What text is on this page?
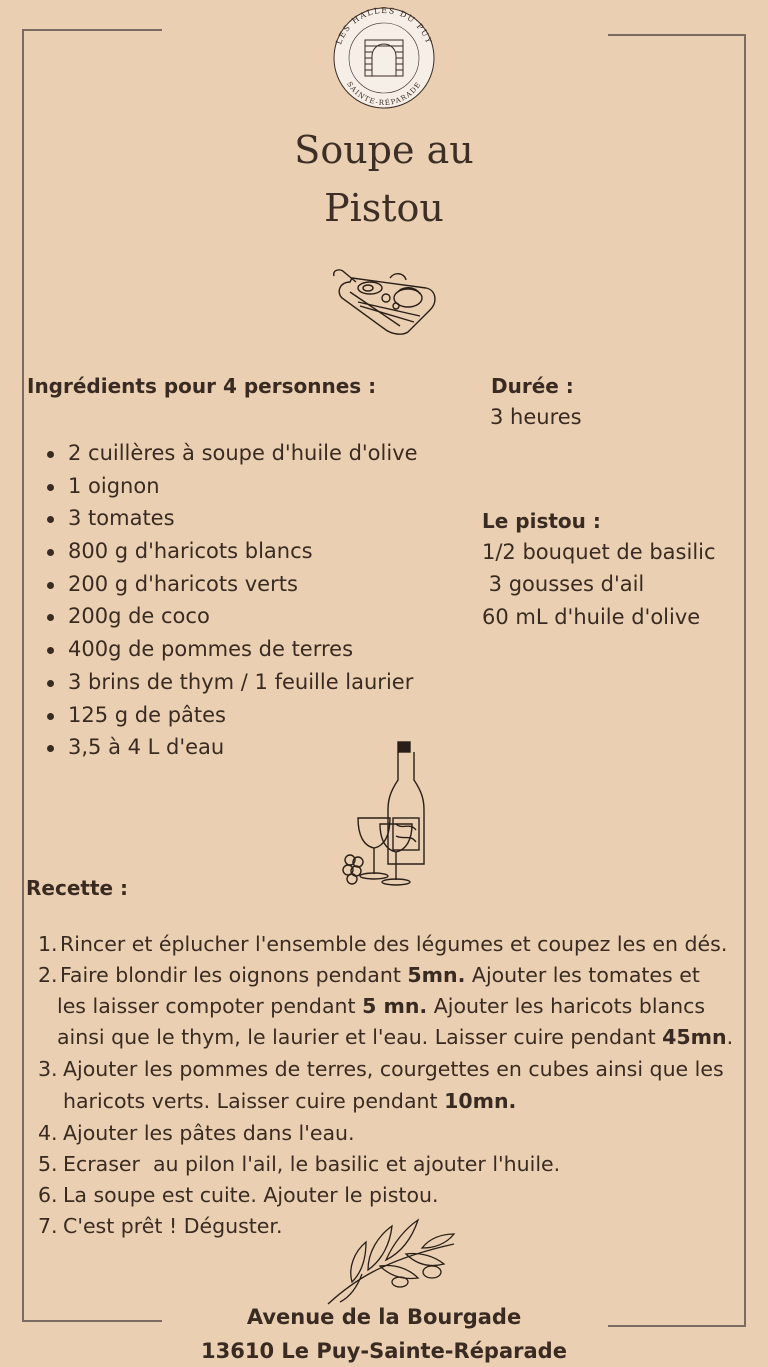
LES HALLES DU PUY
SAINTE-RÉPARADE
Soupe au
Pistou
Ingrédients pour 4 personnes :
2 cuillères à soupe d'huile d'olive
1 oignon
3 tomates
800 g d'haricots blancs
200 g d'haricots verts
200g de coco
400g de pommes de terres
3 brins de thym / 1 feuille laurier
125 g de pâtes
3,5 à 4 L d'eau
Durée :
3 heures
Le pistou :
1/2 bouquet de basilic
3 gousses d'ail
60 mL d'huile d'olive
Recette :
1. Rincer et éplucher l'ensemble des légumes et coupez les en dés.
2. Faire blondir les oignons pendant 5mn. Ajouter les tomates et
les laisser compoter pendant 5 mn. Ajouter les haricots blancs
ainsi que le thym, le laurier et l'eau. Laisser cuire pendant 45mn.
3. Ajouter les pommes de terres, courgettes en cubes ainsi que les
haricots verts. Laisser cuire pendant 10mn.
4. Ajouter les pâtes dans l'eau.
5. Ecraser  au pilon l'ail, le basilic et ajouter l'huile.
6. La soupe est cuite. Ajouter le pistou.
7. C'est prêt ! Déguster.
Avenue de la Bourgade
13610 Le Puy-Sainte-Réparade
